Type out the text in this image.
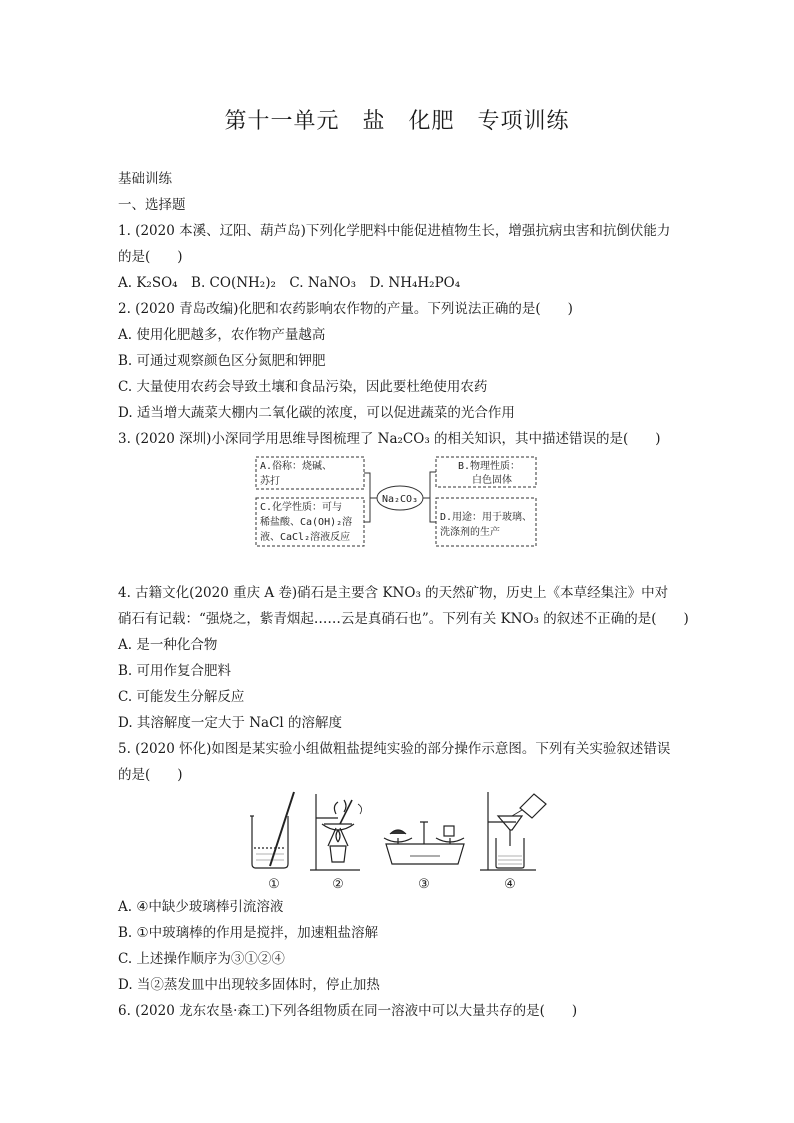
第十一单元　盐　化肥　专项训练
基础训练
一、选择题
1. (2020 本溪、辽阳、葫芦岛)下列化学肥料中能促进植物生长，增强抗病虫害和抗倒伏能力
的是(　　)
A. K₂SO₄　B. CO(NH₂)₂　C. NaNO₃　D. NH₄H₂PO₄
2. (2020 青岛改编)化肥和农药影响农作物的产量。下列说法正确的是(　　)
A. 使用化肥越多，农作物产量越高
B. 可通过观察颜色区分氮肥和钾肥
C. 大量使用农药会导致土壤和食品污染，因此要杜绝使用农药
D. 适当增大蔬菜大棚内二氧化碳的浓度，可以促进蔬菜的光合作用
3. (2020 深圳)小深同学用思维导图梳理了 Na₂CO₃ 的相关知识，其中描述错误的是(　　)
Na₂CO₃
A.俗称：烧碱、
苏打
C.化学性质：可与
稀盐酸、Ca(OH)₂溶
液、CaCl₂溶液反应
B.物理性质：
白色固体
D.用途：用于玻璃、
洗涤剂的生产
4. 古籍文化(2020 重庆 A 卷)硝石是主要含 KNO₃ 的天然矿物，历史上《本草经集注》中对
硝石有记载：“强烧之，紫青烟起……云是真硝石也”。下列有关 KNO₃ 的叙述不正确的是(　　)
A. 是一种化合物
B. 可用作复合肥料
C. 可能发生分解反应
D. 其溶解度一定大于 NaCl 的溶解度
5. (2020 怀化)如图是某实验小组做粗盐提纯实验的部分操作示意图。下列有关实验叙述错误
的是(　　)
①	②	③	④
A. ④中缺少玻璃棒引流溶液
B. ①中玻璃棒的作用是搅拌，加速粗盐溶解
C. 上述操作顺序为③①②④
D. 当②蒸发皿中出现较多固体时，停止加热
6. (2020 龙东农垦·森工)下列各组物质在同一溶液中可以大量共存的是(　　)
